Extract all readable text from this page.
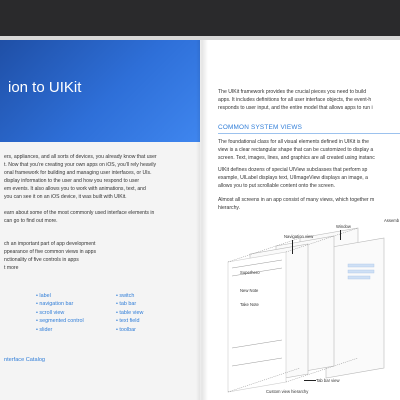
ion to UIKit
ers, appliances, and all sorts of devices, you already know that user
t. Now that you’re creating your own apps on iOS, you’ll rely heavily
onal framework for building and managing user interfaces, or UIs.
display information to the user and how you respond to user
em events. It also allows you to work with animations, text, and
you can see it on an iOS device, it was built with UIKit.
earn about some of the most commonly used interface elements in
can go to find out more.
ch an important part of app development
ppearance of five common views in apps
nctionality of five controls in apps
t more
• label
• navigation bar
• scroll view
• segmented control
• slider
• switch
• tab bar
• table view
• text field
• toolbar
nterface Catalog
The UIKit framework provides the crucial pieces you need to build
apps. It includes definitions for all user interface objects, the event-h
responds to user input, and the entire model that allows apps to run i
COMMON SYSTEM VIEWS
The foundational class for all visual elements defined in UIKit is the
view is a clear rectangular shape that can be customized to display a
screen. Text, images, lines, and graphics are all created using instanc
UIKit defines dozens of special UIView subclasses that perform sp
example, UILabel displays text, UIImageView displays an image, a
allows you to put scrollable content onto the screen.
Almost all screens in an app consist of many views, which together m
hierarchy.
Superhero
New Note
Take Note
Navigation view
Window
Assemb
Tab bar view
Custom view hierarchy
